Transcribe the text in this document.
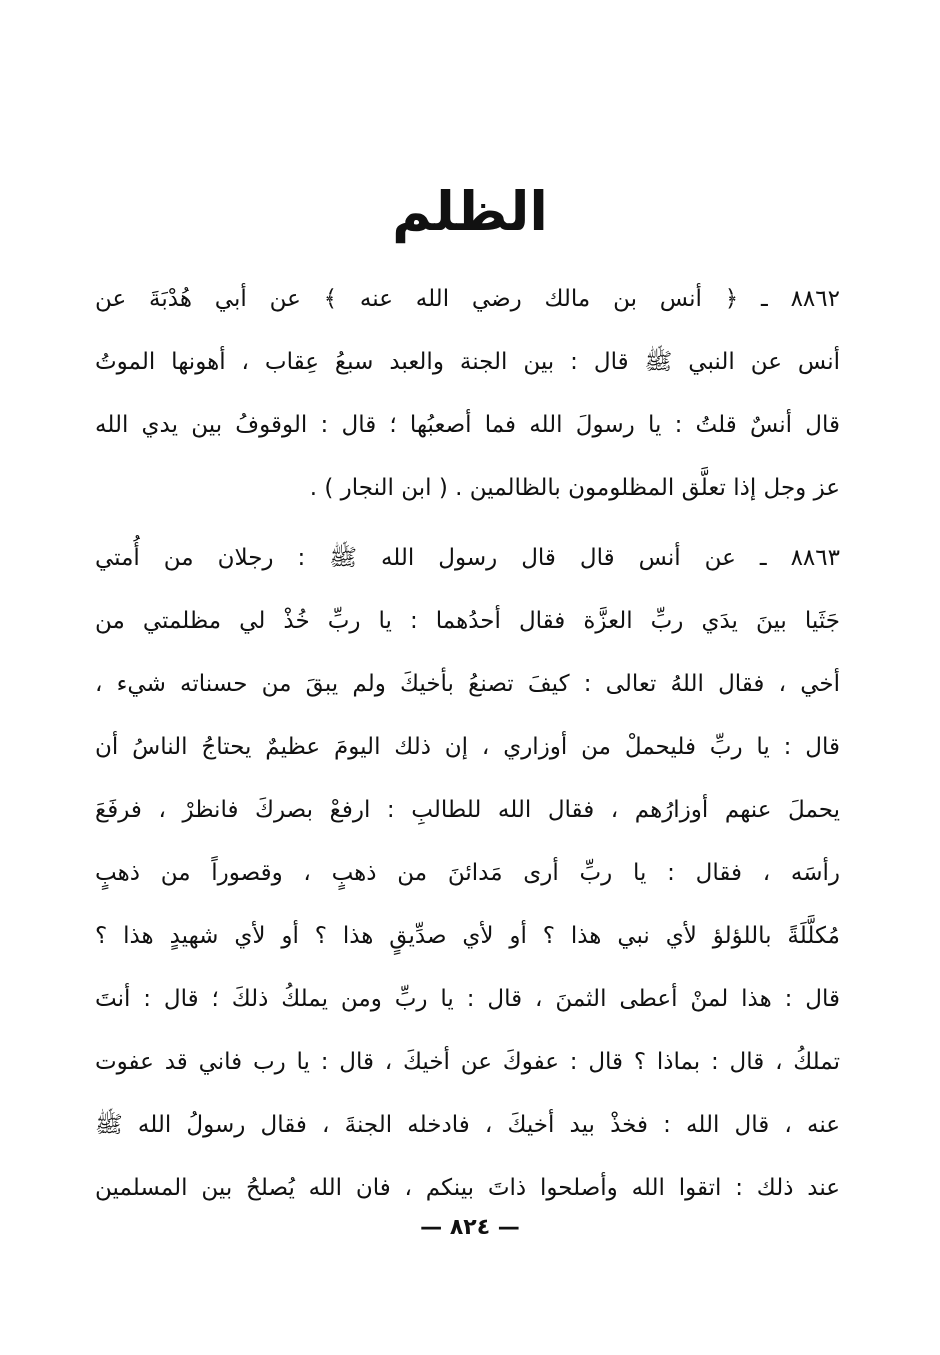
الظلم
٨٨٦٢ ـ ﴿ أنس بن مالك رضي الله عنه ﴾ عن أبي هُدْبَةَ عن
أنس عن النبي ﷺ قال : بين الجنة والعبد سبعُ عِقاب ، أهونها الموتُ
قال أنسٌ قلتُ : يا رسولَ الله فما أصعبُها ؛ قال : الوقوفُ بين يدي الله
عز وجل إذا تعلَّق المظلومون بالظالمين . ( ابن النجار ) .
٨٨٦٣ ـ عن أنس قال قال رسول الله ﷺ : رجلان من أُمتي
جَثَيا بينَ يدَي ربِّ العزَّة فقال أحدُهما : يا ربِّ خُذْ لي مظلمتي من
أخي ، فقال اللهُ تعالى : كيفَ تصنعُ بأخيكَ ولم يبقَ من حسناته شيء ،
قال : يا ربِّ فليحملْ من أوزاري ، إن ذلك اليومَ عظيمٌ يحتاجُ الناسُ أن
يحملَ عنهم أوزارُهم ، فقال الله للطالبِ : ارفعْ بصركَ فانظرْ ، فرفَعَ
رأسَه ، فقال : يا ربِّ أرى مَدائنَ من ذهبٍ ، وقصوراً من ذهبٍ
مُكلَّلَةً باللؤلؤ لأي نبي هذا ؟ أو لأي صدِّيقٍ هذا ؟ أو لأي شهيدٍ هذا ؟
قال : هذا لمنْ أعطى الثمنَ ، قال : يا ربِّ ومن يملكُ ذلكَ ؛ قال : أنتَ
تملكُ ، قال : بماذا ؟ قال : عفوكَ عن أخيكَ ، قال : يا رب فاني قد عفوت
عنه ، قال الله : فخذْ بيد أخيكَ ، فادخله الجنةَ ، فقال رسولُ الله ﷺ
عند ذلك : اتقوا الله وأصلحوا ذاتَ بينكم ، فان الله يُصلحُ بين المسلمين
— ٨٢٤ —
